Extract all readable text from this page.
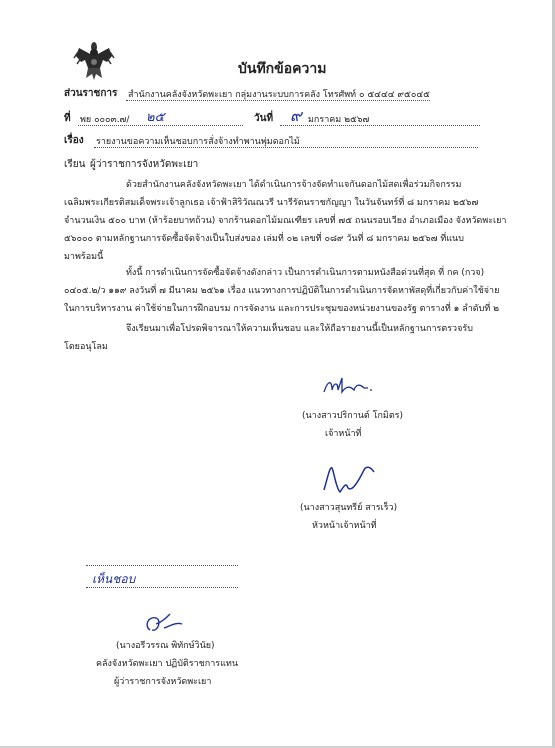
บันทึกข้อความ
ส่วนราชการ สำนักงานคลังจังหวัดพะเยา กลุ่มงานระบบการคลัง โทรศัพท์ ๐ ๕๔๔๔ ๙๕๐๔๕
ที่ พย ๐๐๐๓.๗/ ๒๕	วันที่ ๙ มกราคม ๒๕๖๗
เรื่อง รายงานขอความเห็นชอบการสั่งจ้างทำพานพุ่มดอกไม้
เรียน ผู้ว่าราชการจังหวัดพะเยา
ด้วยสำนักงานคลังจังหวัดพะเยา ได้ดำเนินการจ้างจัดทำแจกันดอกไม้สดเพื่อร่วมกิจกรรม
เฉลิมพระเกียรติสมเด็จพระเจ้าลูกเธอ เจ้าฟ้าสิริวัณณวรี นารีรัตนราชกัญญา ในวันจันทร์ที่ ๘ มกราคม ๒๕๖๗
จำนวนเงิน ๕๐๐ บาท (ห้าร้อยบาทถ้วน) จากร้านดอกไม้มณเฑียร เลขที่ ๗๕ ถนนรอบเวียง อำเภอเมือง จังหวัดพะเยา
๕๖๐๐๐ ตามหลักฐานการจัดซื้อจัดจ้างเป็นใบส่งของ เล่มที่ ๐๒ เลขที่ ๐๘๙ วันที่ ๘ มกราคม ๒๕๖๗ ที่แนบ
มาพร้อมนี้
ทั้งนี้ การดำเนินการจัดซื้อจัดจ้างดังกล่าว เป็นการดำเนินการตามหนังสือด่วนที่สุด ที่ กค (กวจ)
๐๔๐๕.๒/ว ๑๑๙ ลงวันที่ ๗ มีนาคม ๒๕๖๑ เรื่อง แนวทางการปฏิบัติในการดำเนินการจัดหาพัสดุที่เกี่ยวกับค่าใช้จ่าย
ในการบริหารงาน ค่าใช้จ่ายในการฝึกอบรม การจัดงาน และการประชุมของหน่วยงานของรัฐ ตารางที่ ๑ ลำดับที่ ๒
จึงเรียนมาเพื่อโปรดพิจารณาให้ความเห็นชอบ และให้ถือรายงานนี้เป็นหลักฐานการตรวจรับ
โดยอนุโลม
(นางสาวปริกานต์ โกมิตร)
เจ้าหน้าที่
(นางสาวสุนทรีย์ สารเร็ว)
หัวหน้าเจ้าหน้าที่
เห็นชอบ
(นางอรีวรรณ พิทักษ์วินัย)
คลังจังหวัดพะเยา ปฏิบัติราชการแทน
ผู้ว่าราชการจังหวัดพะเยา
